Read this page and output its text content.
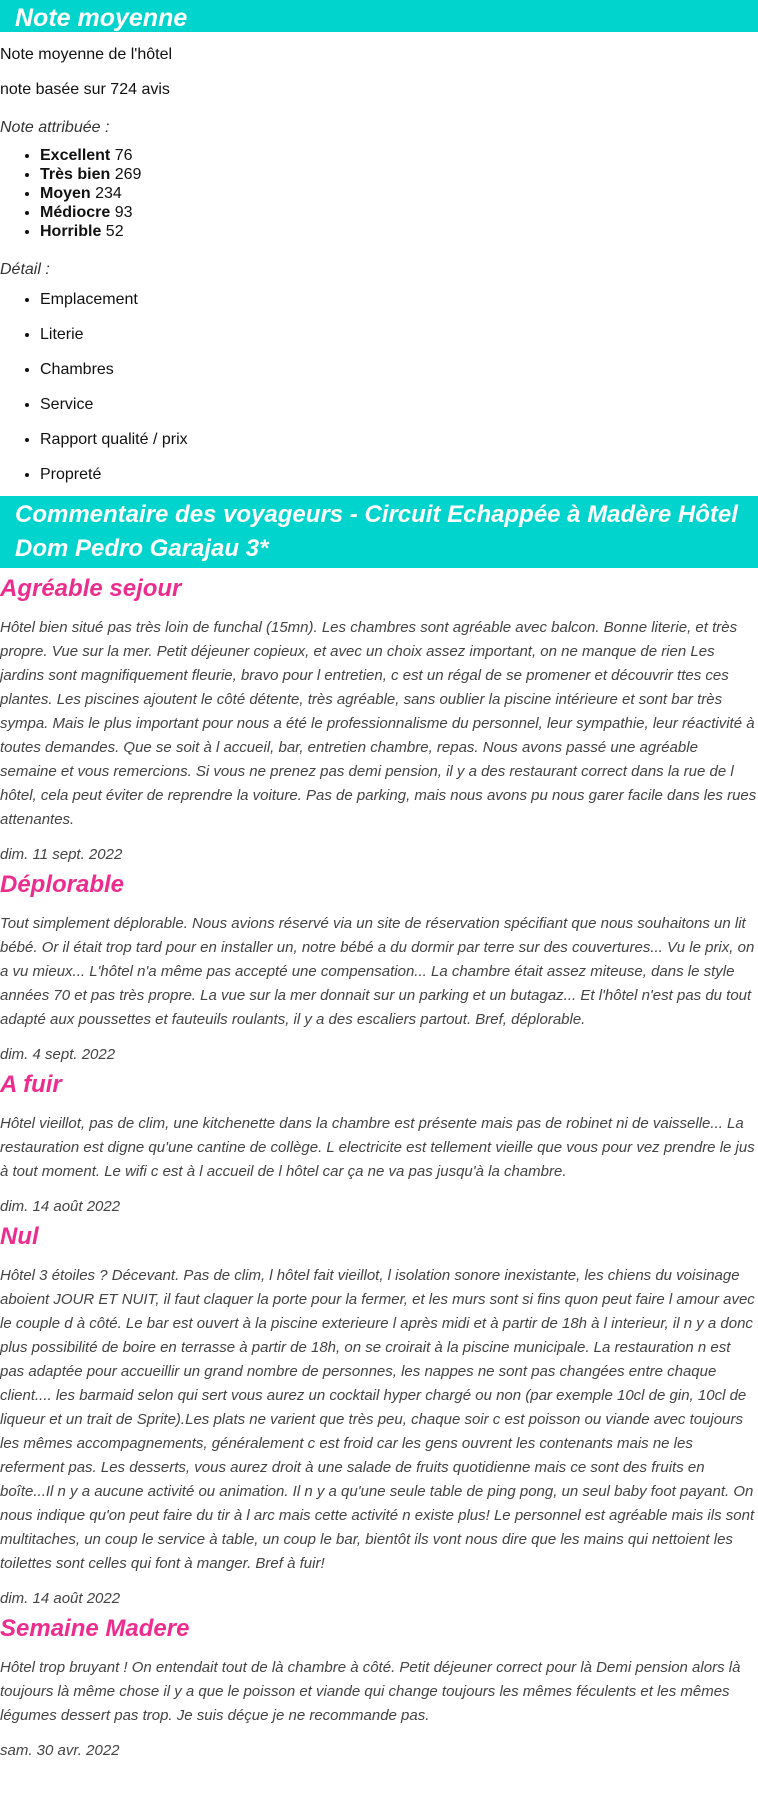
Note moyenne

Note moyenne de l'hôtel

note basée sur 724 avis

Note attribuée :

• Excellent 76
• Très bien 269
• Moyen 234
• Médiocre 93
• Horrible 52

Détail :

• Emplacement
• Literie
• Chambres
• Service
• Rapport qualité / prix
• Propreté
Commentaire des voyageurs - Circuit Echappée à Madère Hôtel Dom Pedro Garajau 3*
Agréable sejour

Hôtel bien situé pas très loin de funchal (15mn). Les chambres sont agréable avec balcon. Bonne literie, et très propre. Vue sur la mer. Petit déjeuner copieux, et avec un choix assez important, on ne manque de rien Les jardins sont magnifiquement fleurie, bravo pour l entretien, c est un régal de se promener et découvrir ttes ces plantes. Les piscines ajoutent le côté détente, très agréable, sans oublier la piscine intérieure et sont bar très sympa. Mais le plus important pour nous a été le professionnalisme du personnel, leur sympathie, leur réactivité à toutes demandes. Que se soit à l accueil, bar, entretien chambre, repas. Nous avons passé une agréable semaine et vous remercions. Si vous ne prenez pas demi pension, il y a des restaurant correct dans la rue de l hôtel, cela peut éviter de reprendre la voiture. Pas de parking, mais nous avons pu nous garer facile dans les rues attenantes.

dim. 11 sept. 2022

Déplorable

Tout simplement déplorable. Nous avions réservé via un site de réservation spécifiant que nous souhaitons un lit bébé. Or il était trop tard pour en installer un, notre bébé a du dormir par terre sur des couvertures... Vu le prix, on a vu mieux... L'hôtel n'a même pas accepté une compensation... La chambre était assez miteuse, dans le style années 70 et pas très propre. La vue sur la mer donnait sur un parking et un butagaz... Et l'hôtel n'est pas du tout adapté aux poussettes et fauteuils roulants, il y a des escaliers partout. Bref, déplorable.

dim. 4 sept. 2022

A fuir

Hôtel vieillot, pas de clim, une kitchenette dans la chambre est présente mais pas de robinet ni de vaisselle... La restauration est digne qu'une cantine de collège. L electricite est tellement vieille que vous pour vez prendre le jus à tout moment. Le wifi c est à l accueil de l hôtel car ça ne va pas jusqu'à la chambre.

dim. 14 août 2022

Nul

Hôtel 3 étoiles ? Décevant. Pas de clim, l hôtel fait vieillot, l isolation sonore inexistante, les chiens du voisinage aboient JOUR ET NUIT, il faut claquer la porte pour la fermer, et les murs sont si fins quon peut faire l amour avec le couple d à côté. Le bar est ouvert à la piscine exterieure l après midi et à partir de 18h à l interieur, il n y a donc plus possibilité de boire en terrasse à partir de 18h, on se croirait à la piscine municipale. La restauration n est pas adaptée pour accueillir un grand nombre de personnes, les nappes ne sont pas changées entre chaque client.... les barmaid selon qui sert vous aurez un cocktail hyper chargé ou non (par exemple 10cl de gin, 10cl de liqueur et un trait de Sprite).Les plats ne varient que très peu, chaque soir c est poisson ou viande avec toujours les mêmes accompagnements, généralement c est froid car les gens ouvrent les contenants mais ne les referment pas. Les desserts, vous aurez droit à une salade de fruits quotidienne mais ce sont des fruits en boîte...Il n y a aucune activité ou animation. Il n y a qu'une seule table de ping pong, un seul baby foot payant. On nous indique qu'on peut faire du tir à l arc mais cette activité n existe plus! Le personnel est agréable mais ils sont multitaches, un coup le service à table, un coup le bar, bientôt ils vont nous dire que les mains qui nettoient les toilettes sont celles qui font à manger. Bref à fuir!

dim. 14 août 2022

Semaine Madere

Hôtel trop bruyant ! On entendait tout de là chambre à côté. Petit déjeuner correct pour là Demi pension alors là toujours là même chose il y a que le poisson et viande qui change toujours les mêmes féculents et les mêmes légumes dessert pas trop. Je suis déçue je ne recommande pas.

sam. 30 avr. 2022
